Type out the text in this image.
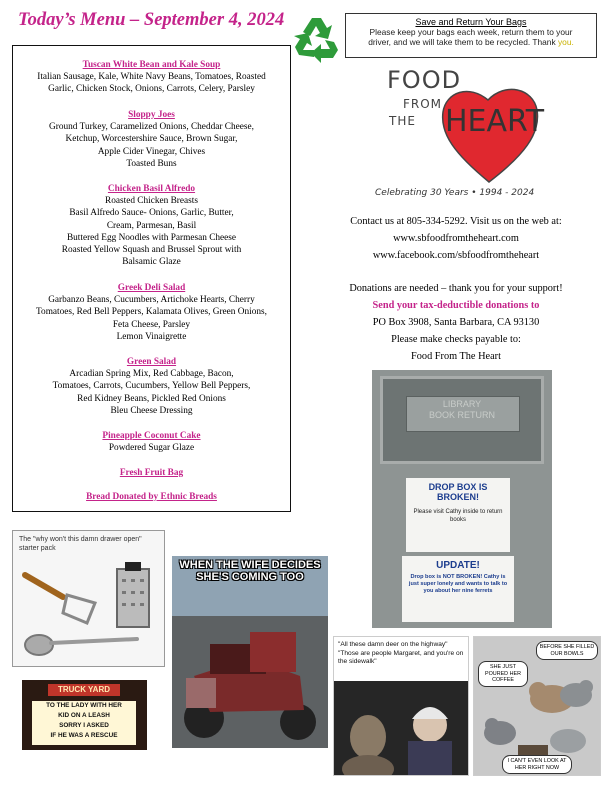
Today’s Menu – September 4, 2024	Save and Return Your Bags
Please keep your bags each week, return them to your
driver, and we will take them to be recycled. Thank you.
Tuscan White Bean and Kale Soup
Italian Sausage, Kale, White Navy Beans, Tomatoes, Roasted
Garlic, Chicken Stock, Onions, Carrots, Celery, Parsley
Sloppy Joes
Ground Turkey, Caramelized Onions, Cheddar Cheese,
Ketchup, Worcestershire Sauce, Brown Sugar,
Apple Cider Vinegar, Chives
Toasted Buns
Chicken Basil Alfredo
Roasted Chicken Breasts
Basil Alfredo Sauce- Onions, Garlic, Butter,
Cream, Parmesan, Basil
Buttered Egg Noodles with Parmesan Cheese
Roasted Yellow Squash and Brussel Sprout with
Balsamic Glaze
Greek Deli Salad
Garbanzo Beans, Cucumbers, Artichoke Hearts, Cherry
Tomatoes, Red Bell Peppers, Kalamata Olives, Green Onions,
Feta Cheese, Parsley
Lemon Vinaigrette
Green Salad
Arcadian Spring Mix, Red Cabbage, Bacon,
Tomatoes, Carrots, Cucumbers, Yellow Bell Peppers,
Red Kidney Beans, Pickled Red Onions
Bleu Cheese Dressing
Pineapple Coconut Cake
Powdered Sugar Glaze
Fresh Fruit Bag
Bread Donated by Ethnic Breads
FOOD
FROM
THE HEART
Celebrating 30 Years • 1994 - 2024
Contact us at 805-334-5292. Visit us on the web at:
www.sbfoodfromtheheart.com
www.facebook.com/sbfoodfromtheheart
Donations are needed – thank you for your support!
Send your tax-deductible donations to
PO Box 3908, Santa Barbara, CA 93130
Please make checks payable to:
Food From The Heart
LIBRARY
BOOK RETURN
DROP BOX IS BROKEN!
Please visit Cathy inside to return books
UPDATE!
Drop box is NOT BROKEN! Cathy is just super lonely and wants to talk to you about her nine ferrets
The "why won't this damn drawer open" starter pack
WHEN THE WIFE DECIDES SHE'S COMING TOO
TRUCK YARD
TO THE LADY WITH HER
KID ON A LEASH
SORRY I ASKED
IF HE WAS A RESCUE
"All these damn deer on the highway"
"Those are people Margaret, and you're on the sidewalk"
BEFORE SHE FILLED OUR BOWLS
SHE JUST POURED HER COFFEE
I CAN'T EVEN LOOK AT HER RIGHT NOW
